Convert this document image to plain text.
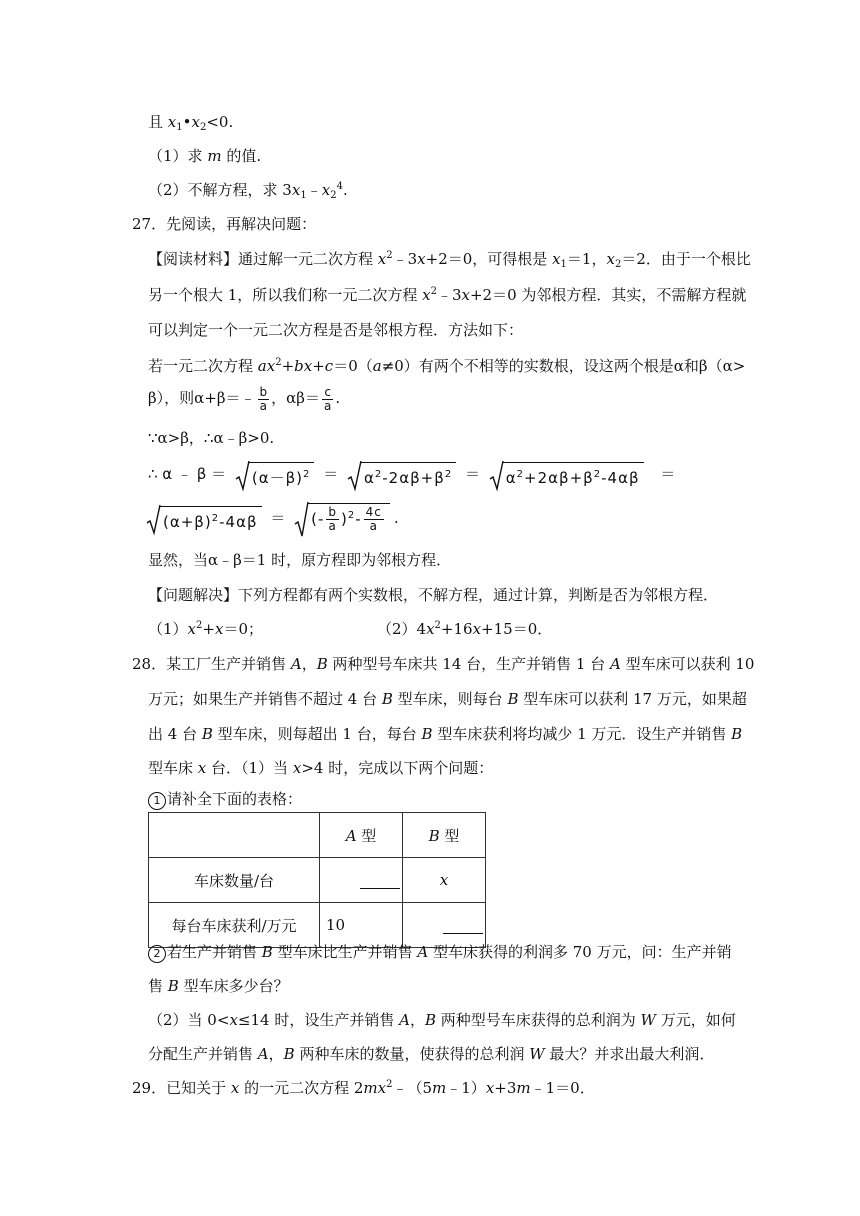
且 $x_1•x_2<0$.
（1）求 m 的值.
（2）不解方程，求 $3x_1﹣x_2^4$.
27．先阅读，再解决问题：
【阅读材料】通过解一元二次方程 $x^2﹣3x+2=0$，可得根是 $x_1=1$，$x_2=2$．由于一个根比
另一个根大 1，所以我们称一元二次方程 $x^2﹣3x+2=0$ 为邻根方程．其实，不需解方程就
可以判定一个一元二次方程是否是邻根方程．方法如下：
若一元二次方程 $ax^2+bx+c=0(a\ne 0)$有两个不相等的实数根，设这两个根是α和β（α>
β），则α+β＝﹣ $\frac{b}{a}$ ，$\alpha\beta= \frac{c}{a}$ .
∵α>β，∴α﹣β>0.
∴ α ﹣ $\beta = (\alpha-\beta)^2 = \alpha^2-2\alpha\beta+\beta^2 = \alpha^2+2\alpha\beta+\beta^2-4\alpha\beta$ ＝
$(\alpha+\beta)^2-4\alpha\beta$ ＝ (- $\frac{b}{a} )^2- \frac{4c}{a}$ .
显然，当α﹣β＝1 时，原方程即为邻根方程．
【问题解决】下列方程都有两个实数根，不解方程，通过计算，判断是否为邻根方程．
$(1)x^2+x=0$；	$(2)4x^2+16x+15=0$．
28．某工厂生产并销售 A，B 两种型号车床共 14 台，生产并销售 1 台 A 型车床可以获利 10
万元；如果生产并销售不超过 4 台 B 型车床，则每台 B 型车床可以获利 17 万元，如果超
出 4 台 B 型车床，则每超出 1 台，每台 B 型车床获利将均减少 1 万元．设生产并销售 B
型车床 x 台．（1）当 x>4 时，完成以下两个问题：
1 请补全下面的表格：
	A 型	B 型
车床数量/台		x
每台车床获利/万元	10	
2 若生产并销售 B 型车床比生产并销售 A 型车床获得的利润多 70 万元，问：生产并销
售 B 型车床多少台？
（2）当 0<x≤14 时，设生产并销售 A，B 两种型号车床获得的总利润为 W 万元，如何
分配生产并销售 A，B 两种车床的数量，使获得的总利润 W 最大？并求出最大利润．
29．已知关于 x 的一元二次方程 $2mx^2﹣(5m﹣1)x+3m﹣1=0$．
